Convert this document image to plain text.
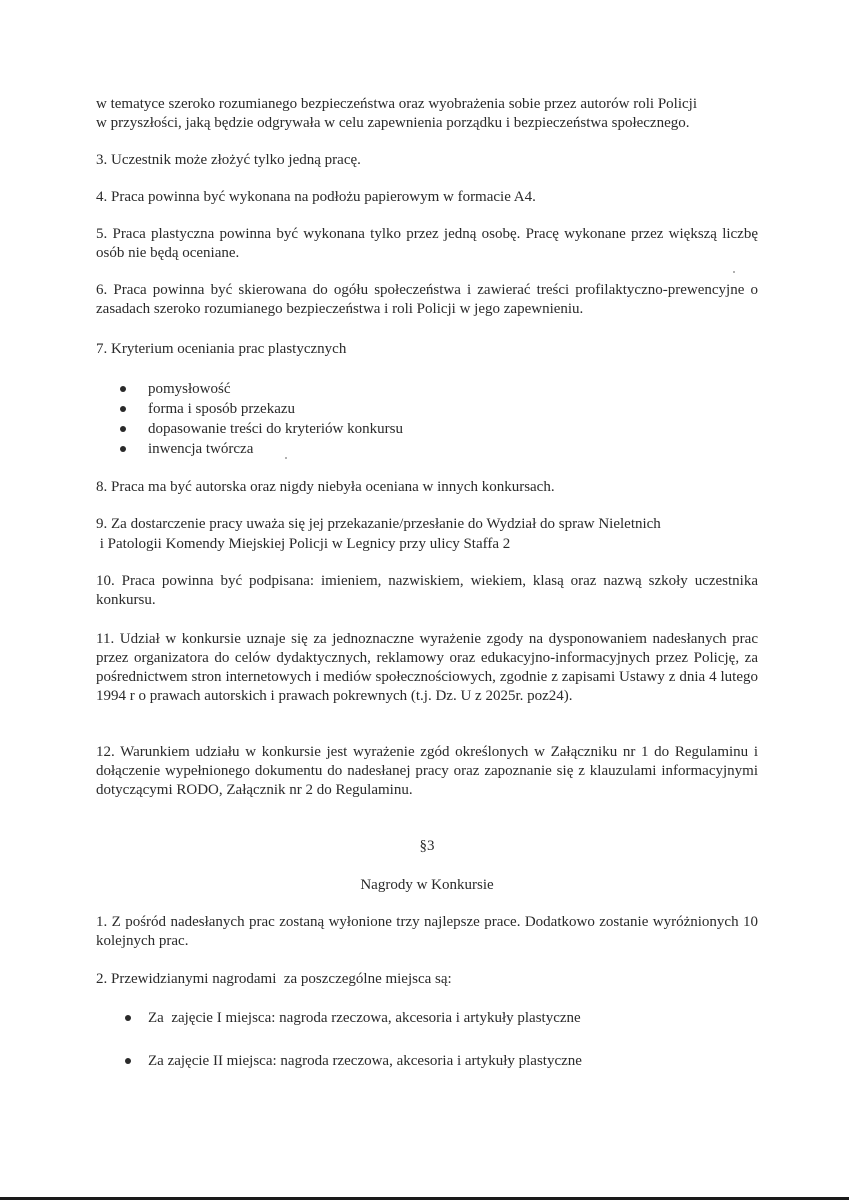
w tematyce szeroko rozumianego bezpieczeństwa oraz wyobrażenia sobie przez autorów roli Policji

w przyszłości, jaką będzie odgrywała w celu zapewnienia porządku i bezpieczeństwa społecznego.

3. Uczestnik może złożyć tylko jedną pracę.

4. Praca powinna być wykonana na podłożu papierowym w formacie A4.

5. Praca plastyczna powinna być wykonana tylko przez jedną osobę. Pracę wykonane przez większą liczbę osób nie będą oceniane.

6. Praca powinna być skierowana do ogółu społeczeństwa i zawierać treści profilaktyczno-prewencyjne o zasadach szeroko rozumianego bezpieczeństwa i roli Policji w jego zapewnieniu.

7. Kryterium oceniania prac plastycznych

pomysłowość
forma i sposób przekazu
dopasowanie treści do kryteriów konkursu
inwencja twórcza

8. Praca ma być autorska oraz nigdy niebyła oceniana w innych konkursach.

9. Za dostarczenie pracy uważa się jej przekazanie/przesłanie do Wydział do spraw Nieletnich

i Patologii Komendy Miejskiej Policji w Legnicy przy ulicy Staffa 2

10. Praca powinna być podpisana: imieniem, nazwiskiem, wiekiem, klasą oraz nazwą szkoły uczestnika konkursu.

11. Udział w konkursie uznaje się za jednoznaczne wyrażenie zgody na dysponowaniem nadesłanych prac przez organizatora do celów dydaktycznych, reklamowy oraz edukacyjno-informacyjnych przez Policję, za pośrednictwem stron internetowych i mediów społecznościowych, zgodnie z zapisami Ustawy z dnia 4 lutego 1994 r o prawach autorskich i prawach pokrewnych (t.j. Dz. U z 2025r. poz24).

12. Warunkiem udziału w konkursie jest wyrażenie zgód określonych w Załączniku nr 1 do Regulaminu i dołączenie wypełnionego dokumentu do nadesłanej pracy oraz zapoznanie się z klauzulami informacyjnymi dotyczącymi RODO, Załącznik nr 2 do Regulaminu.

§3

Nagrody w Konkursie

1. Z pośród nadesłanych prac zostaną wyłonione trzy najlepsze prace. Dodatkowo zostanie wyróżnionych 10 kolejnych prac.

2. Przewidzianymi nagrodami  za poszczególne miejsca są:

Za  zajęcie I miejsca: nagroda rzeczowa, akcesoria i artykuły plastyczne
Za zajęcie II miejsca: nagroda rzeczowa, akcesoria i artykuły plastyczne
